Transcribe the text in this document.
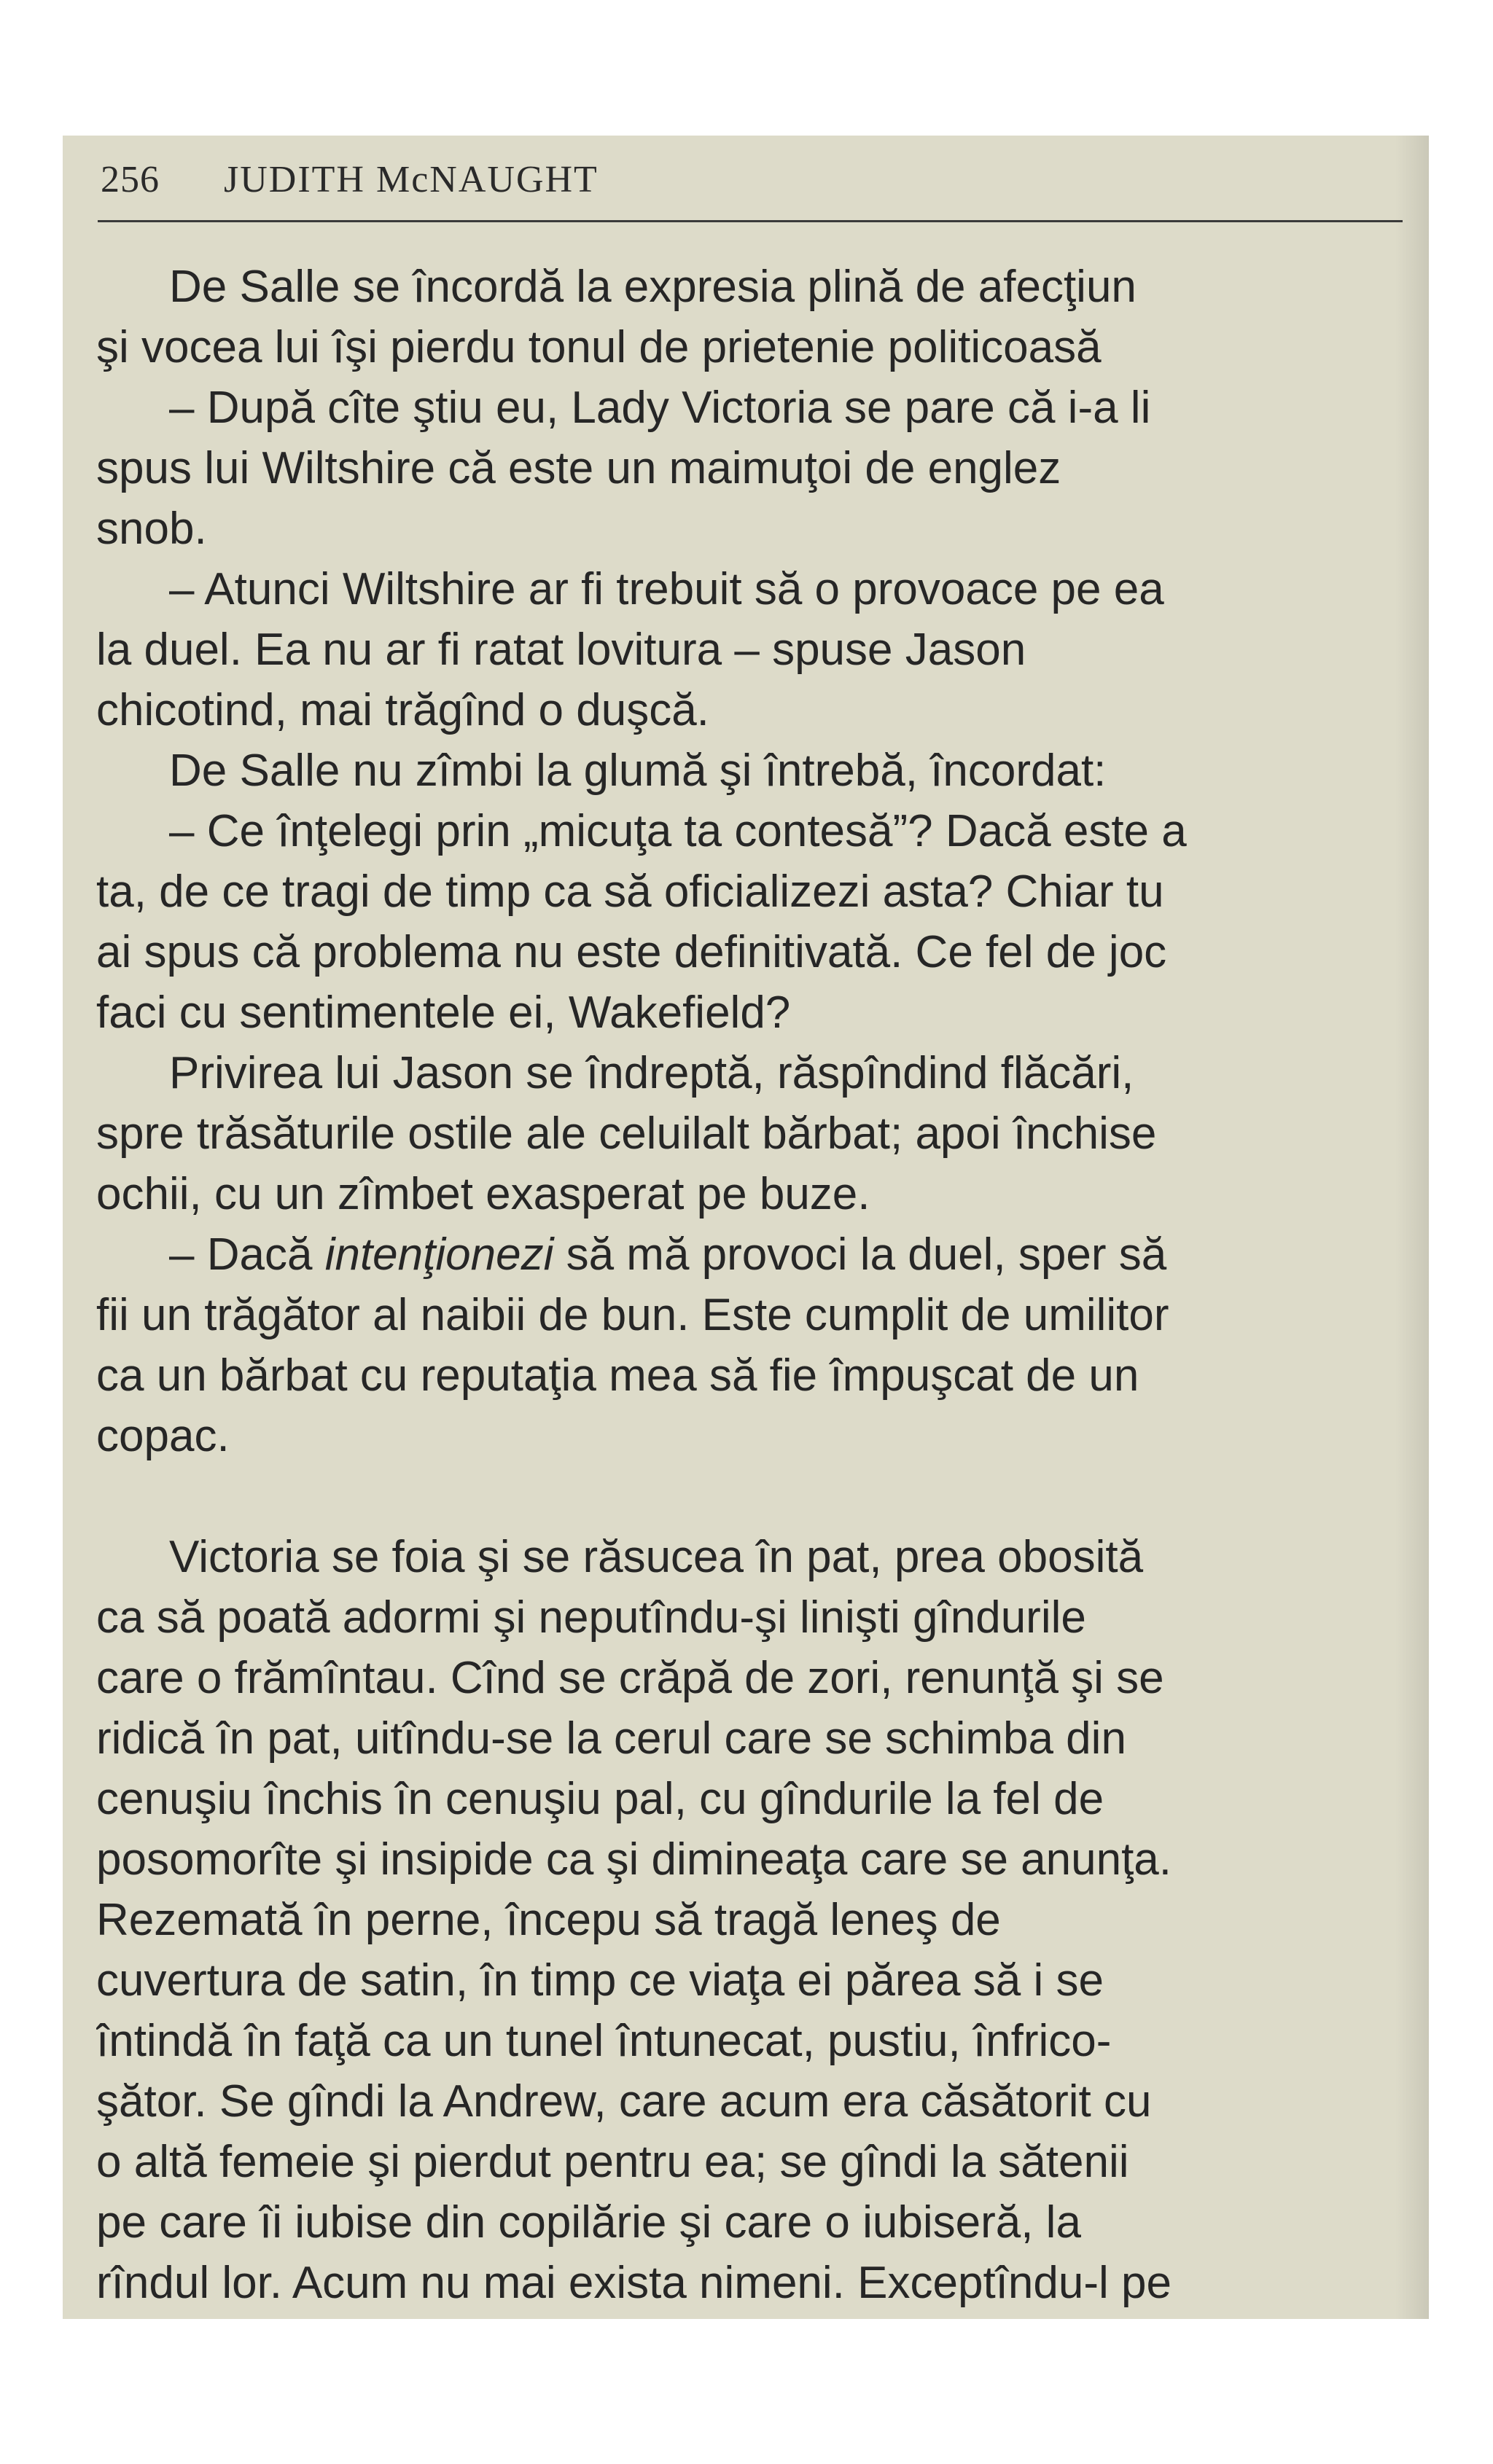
256 JUDITH McNAUGHT

De Salle se încordă la expresia plină de afecţiun
şi vocea lui îşi pierdu tonul de prietenie politicoasă

– După cîte ştiu eu, Lady Victoria se pare că i-a li
spus lui Wiltshire că este un maimuţoi de englez
snob.

– Atunci Wiltshire ar fi trebuit să o provoace pe ea
la duel. Ea nu ar fi ratat lovitura – spuse Jason
chicotind, mai trăgînd o duşcă.

De Salle nu zîmbi la glumă şi întrebă, încordat:

– Ce înţelegi prin „micuţa ta contesă”? Dacă este a
ta, de ce tragi de timp ca să oficializezi asta? Chiar tu
ai spus că problema nu este definitivată. Ce fel de joc
faci cu sentimentele ei, Wakefield?

Privirea lui Jason se îndreptă, răspîndind flăcări,
spre trăsăturile ostile ale celuilalt bărbat; apoi închise
ochii, cu un zîmbet exasperat pe buze.

– Dacă intenţionezi să mă provoci la duel, sper să
fii un trăgător al naibii de bun. Este cumplit de umilitor
ca un bărbat cu reputaţia mea să fie împuşcat de un
copac.

Victoria se foia şi se răsucea în pat, prea obosită
ca să poată adormi şi neputîndu-şi linişti gîndurile
care o frămîntau. Cînd se crăpă de zori, renunţă şi se
ridică în pat, uitîndu-se la cerul care se schimba din
cenuşiu închis în cenuşiu pal, cu gîndurile la fel de
posomorîte şi insipide ca şi dimineaţa care se anunţa.
Rezemată în perne, începu să tragă leneş de
cuvertura de satin, în timp ce viaţa ei părea să i se
întindă în faţă ca un tunel întunecat, pustiu, înfrico-
şător. Se gîndi la Andrew, care acum era căsătorit cu
o altă femeie şi pierdut pentru ea; se gîndi la sătenii
pe care îi iubise din copilărie şi care o iubiseră, la
rîndul lor. Acum nu mai exista nimeni. Exceptîndu-l pe
